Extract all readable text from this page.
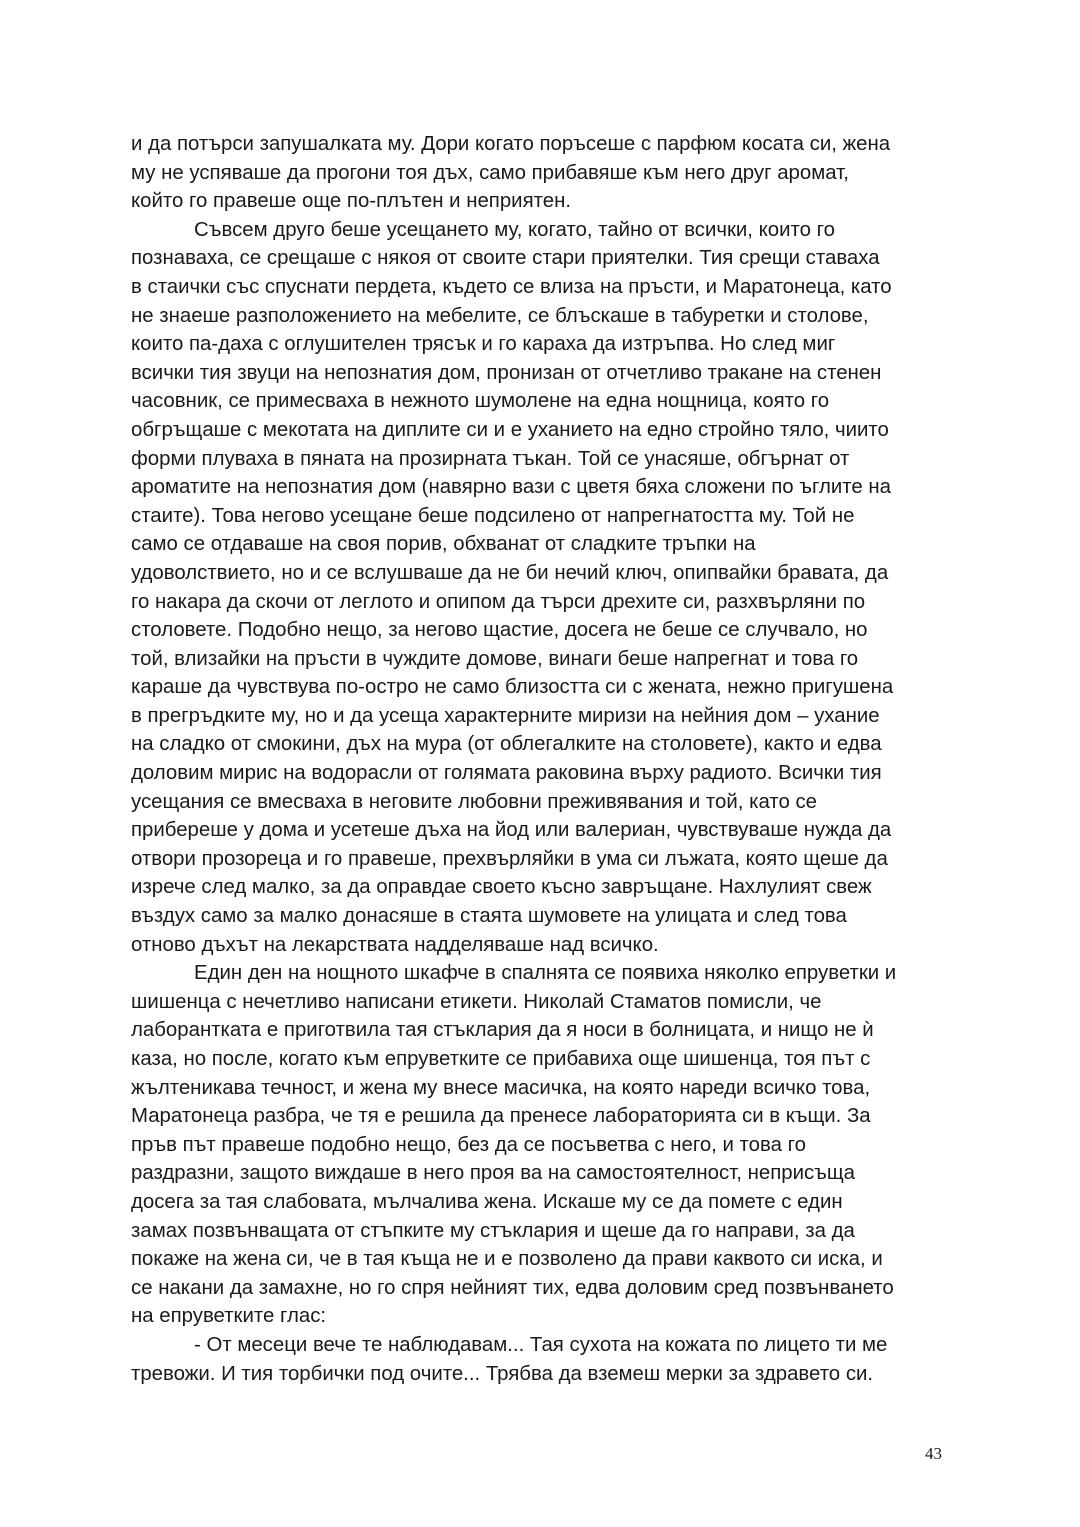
и да потърси запушалката му. Дори когато поръсеше с парфюм косата си, жена
му не успяваше да прогони тоя дъх, само прибавяше към него друг аромат,
който го правеше още по-плътен и неприятен.
Съвсем друго беше усещането му, когато, тайно от всички, които го
познаваха, се срещаше с някоя от своите стари приятелки. Тия срещи ставаха
в стаички със спуснати пердета, където се влиза на пръсти, и Маратонеца, като
не знаеше разположението на мебелите, се блъскаше в табуретки и столове,
които па-даха с оглушителен трясък и го караха да изтръпва. Но след миг
всички тия звуци на непознатия дом, пронизан от отчетливо тракане на стенен
часовник, се примесваха в нежното шумолене на една нощница, която го
обгръщаше с мекотата на диплите си и е уханието на едно стройно тяло, чиито
форми плуваха в пяната на прозирната тъкан. Той се унасяше, обгърнат от
ароматите на непознатия дом (навярно вази с цветя бяха сложени по ъглите на
стаите). Това негово усещане беше подсилено от напрегнатостта му. Той не
само се отдаваше на своя порив, обхванат от сладките тръпки на
удоволствието, но и се вслушваше да не би нечий ключ, опипвайки бравата, да
го накара да скочи от леглото и опипом да търси дрехите си, разхвърляни по
столовете. Подобно нещо, за негово щастие, досега не беше се случвало, но
той, влизайки на пръсти в чуждите домове, винаги беше напрегнат и това го
караше да чувствува по-остро не само близостта си с жената, нежно пригушена
в прегръдките му, но и да усеща характерните миризи на нейния дом – ухание
на сладко от смокини, дъх на мура (от облегалките на столовете), както и едва
доловим мирис на водорасли от голямата раковина върху радиото. Всички тия
усещания се вмесваха в неговите любовни преживявания и той, като се
прибереше у дома и усетеше дъха на йод или валериан, чувствуваше нужда да
отвори прозореца и го правеше, прехвърляйки в ума си лъжата, която щеше да
изрече след малко, за да оправдае своето късно завръщане. Нахлулият свеж
въздух само за малко донасяше в стаята шумовете на улицата и след това
отново дъхът на лекарствата надделяваше над всичко.
Един ден на нощното шкафче в спалнята се появиха няколко епруветки и
шишенца с нечетливо написани етикети. Николай Стаматов помисли, че
лаборантката е приготвила тая стъклария да я носи в болницата, и нищо не ѝ
каза, но после, когато към епруветките се прибавиха още шишенца, тоя път с
жълтеникава течност, и жена му внесе масичка, на която нареди всичко това,
Маратонеца разбра, че тя е решила да пренесе лабораторията си в къщи. За
пръв път правеше подобно нещо, без да се посъветва с него, и това го
раздразни, защото виждаше в него проя ва на самостоятелност, неприсъща
досега за тая слабовата, мълчалива жена. Искаше му се да помете с един
замах позвънващата от стъпките му стъклария и щеше да го направи, за да
покаже на жена си, че в тая къща не и е позволено да прави каквото си иска, и
се накани да замахне, но го спря нейният тих, едва доловим сред позвънването
на епруветките глас:
- От месеци вече те наблюдавам... Тая сухота на кожата по лицето ти ме
тревожи. И тия торбички под очите... Трябва да вземеш мерки за здравето си.
43
